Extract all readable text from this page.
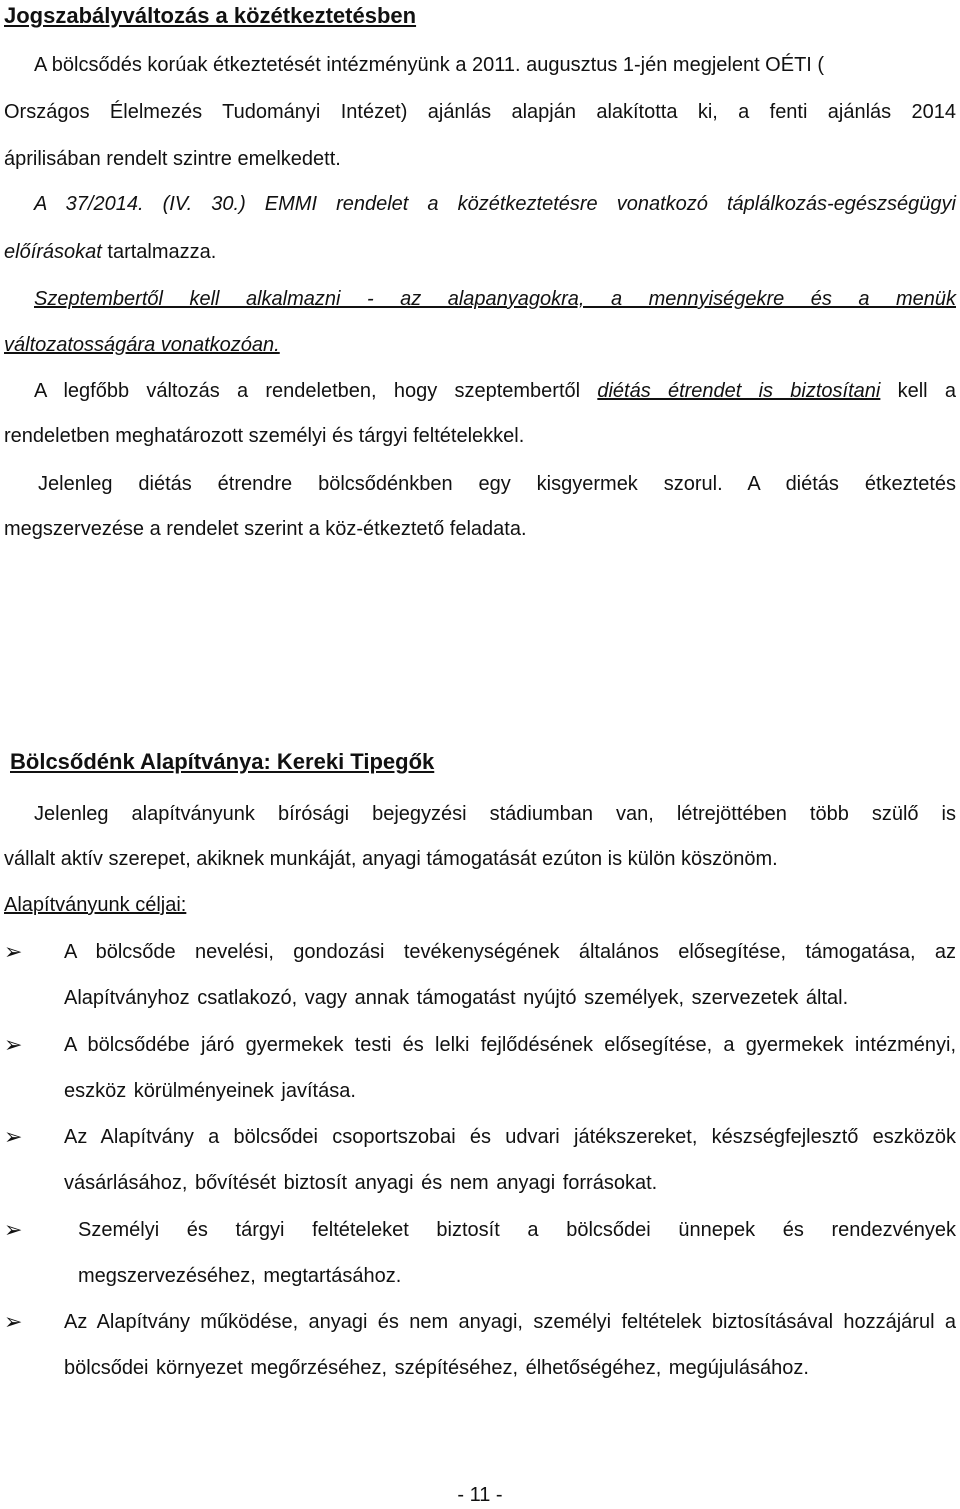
Jogszabályváltozás a közétkeztetésben
A bölcsődés korúak étkeztetését intézményünk a 2011. augusztus 1-jén megjelent OÉTI (
Országos Élelmezés Tudományi Intézet) ajánlás alapján alakította ki, a fenti ajánlás 2014
áprilisában rendelt szintre emelkedett.
A 37/2014. (IV. 30.) EMMI rendelet a közétkeztetésre vonatkozó táplálkozás-egészségügyi
előírásokat tartalmazza.
Szeptembertől kell alkalmazni - az alapanyagokra, a mennyiségekre és a menük
változatosságára vonatkozóan.
A legfőbb változás a rendeletben, hogy szeptembertől diétás étrendet is biztosítani kell a
rendeletben meghatározott személyi és tárgyi feltételekkel.
Jelenleg diétás étrendre bölcsődénkben egy kisgyermek szorul. A diétás étkeztetés
megszervezése a rendelet szerint a köz-étkeztető feladata.
Bölcsődénk Alapítványa: Kereki Tipegők
Jelenleg alapítványunk bírósági bejegyzési stádiumban van, létrejöttében több szülő is
vállalt aktív szerepet, akiknek munkáját, anyagi támogatását ezúton is külön köszönöm.
Alapítványunk céljai:
➢ A bölcsőde nevelési, gondozási tevékenységének általános elősegítése, támogatása, az Alapítványhoz csatlakozó, vagy annak támogatást nyújtó személyek, szervezetek által.
➢ A bölcsődébe járó gyermekek testi és lelki fejlődésének elősegítése, a gyermekek intézményi, eszköz körülményeinek javítása.
➢ Az Alapítvány a bölcsődei csoportszobai és udvari játékszereket, készségfejlesztő eszközök vásárlásához, bővítését biztosít anyagi és nem anyagi forrásokat.
➢	Személyi és tárgyi feltételeket biztosít a bölcsődei ünnepek és rendezvények megszervezéséhez, megtartásához.
➢ Az Alapítvány működése, anyagi és nem anyagi, személyi feltételek biztosításával hozzájárul a bölcsődei környezet megőrzéséhez, szépítéséhez, élhetőségéhez, megújulásához.
- 11 -
